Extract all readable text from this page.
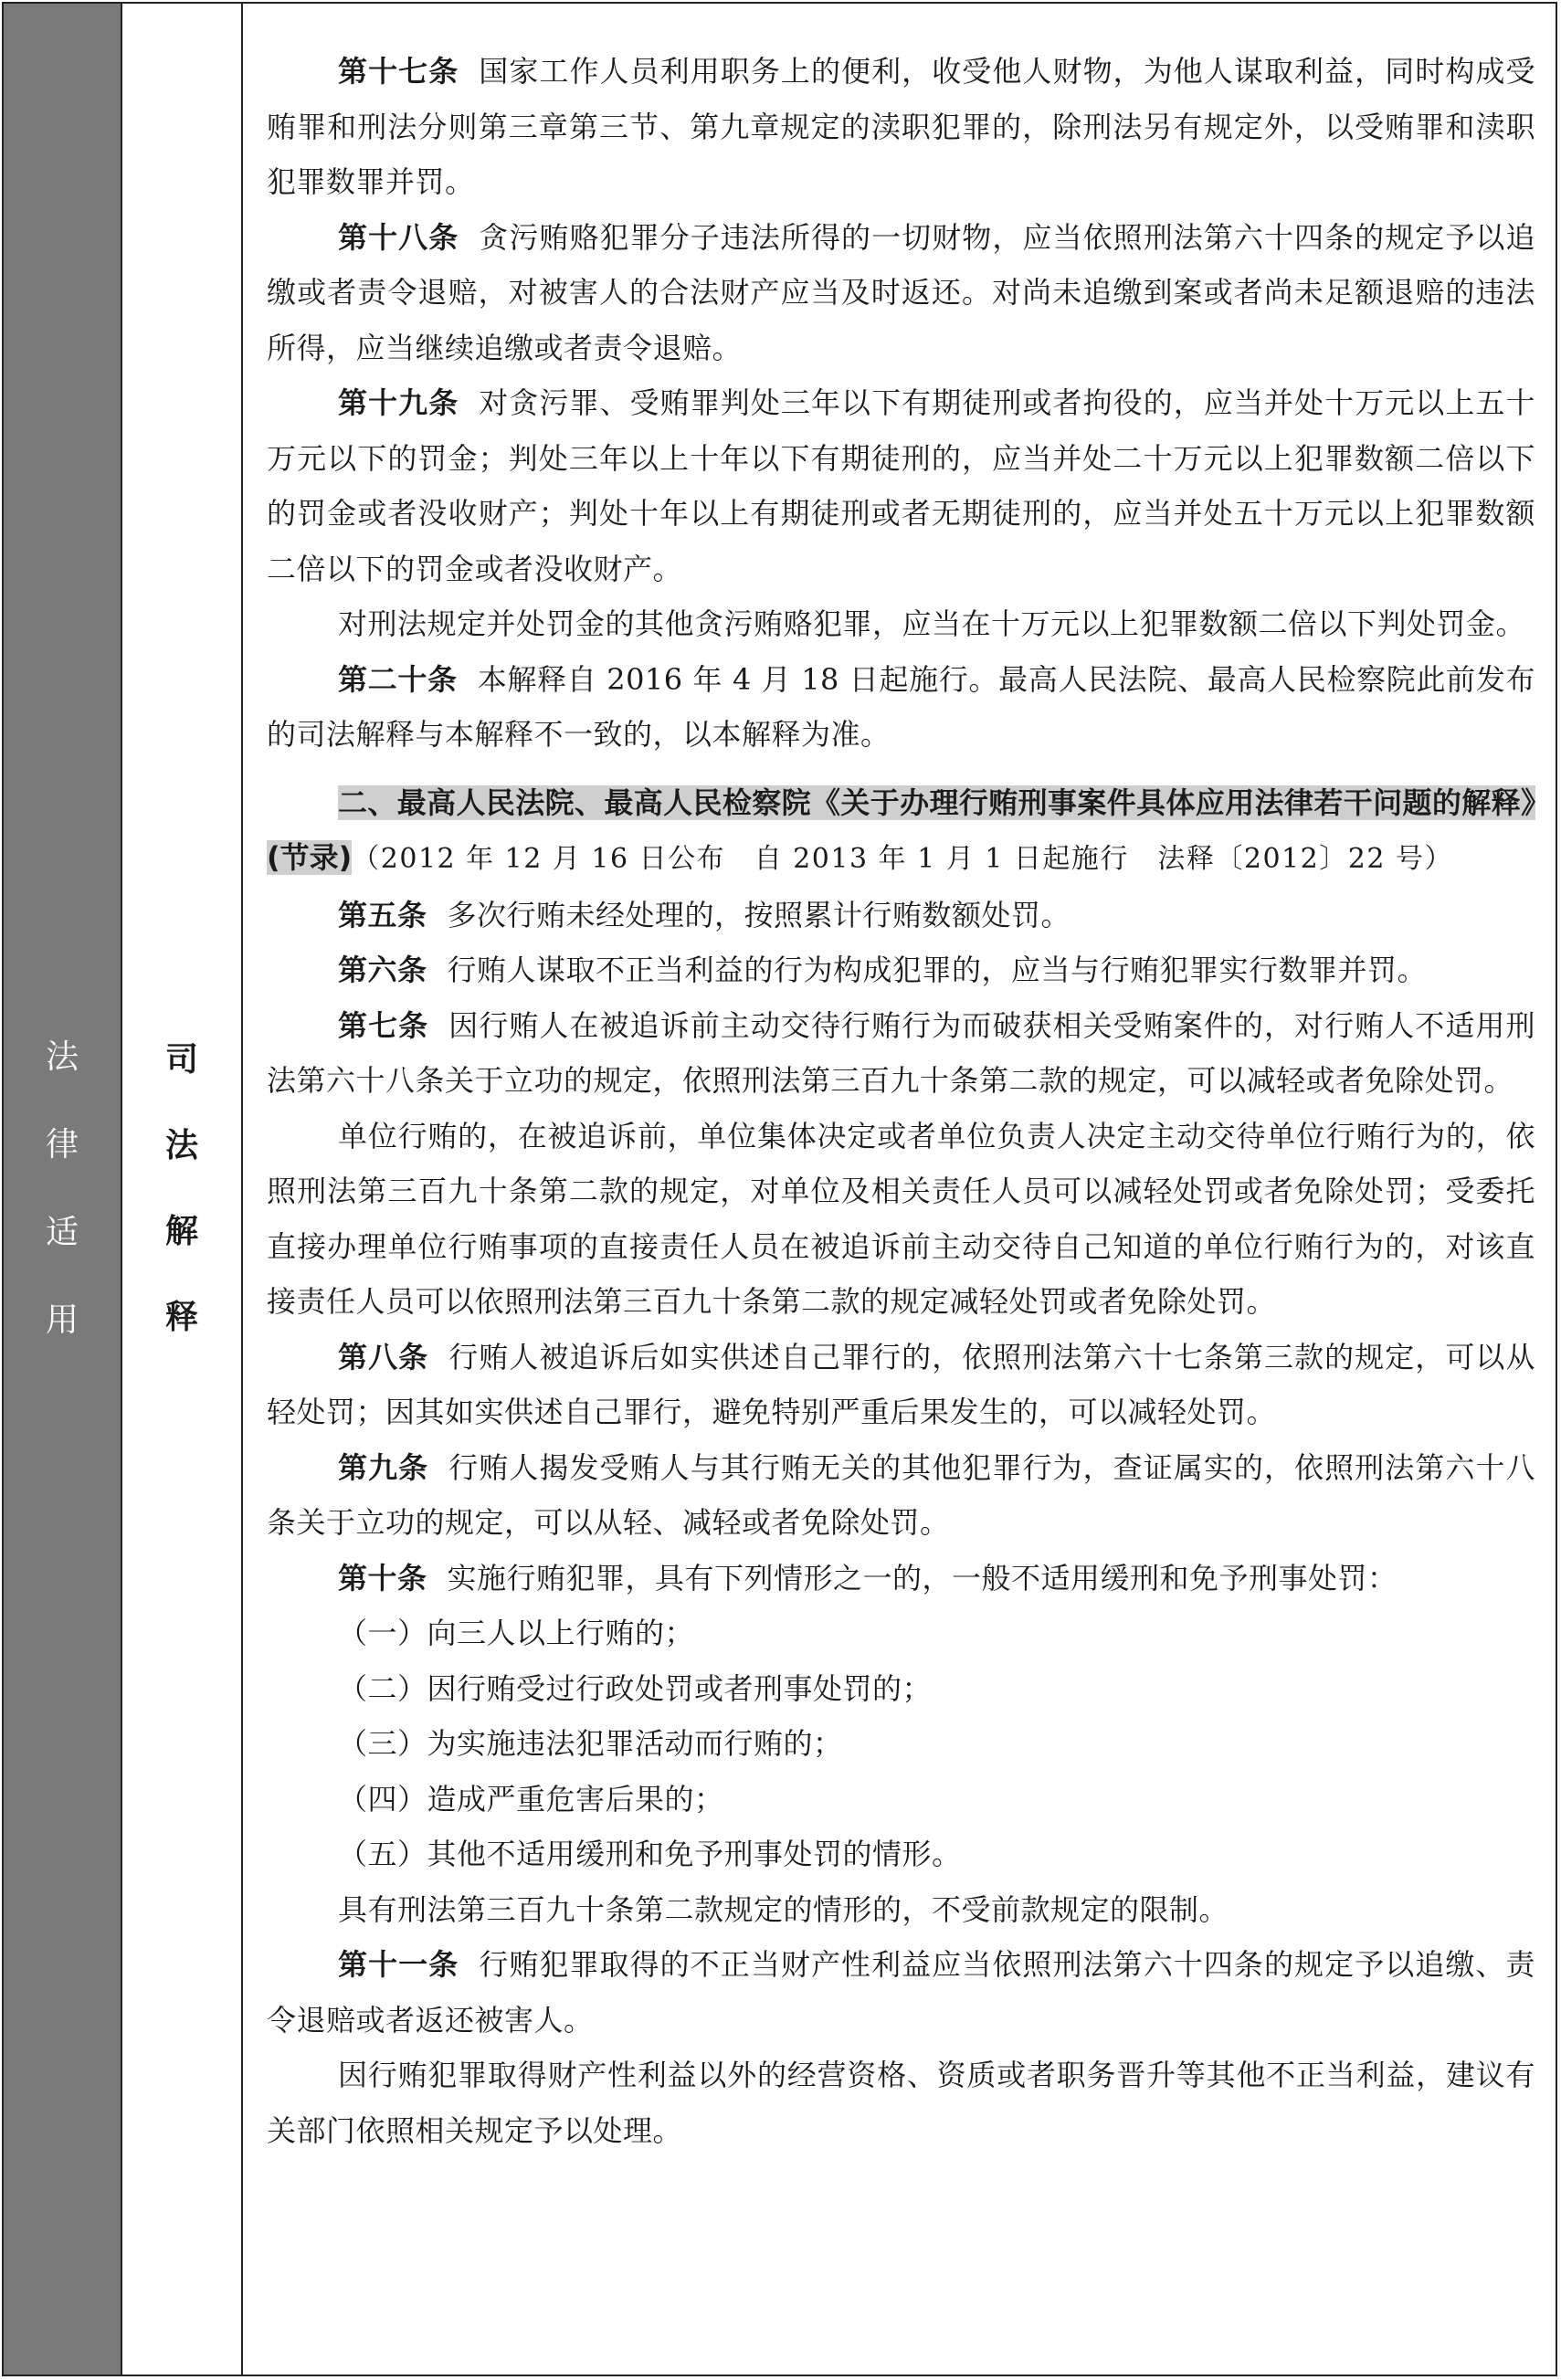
法
律
适
用
司
法
解
释

第十七条 国家工作人员利用职务上的便利，收受他人财物，为他人谋取利益，同时构成受贿罪和刑法分则第三章第三节、第九章规定的渎职犯罪的，除刑法另有规定外，以受贿罪和渎职犯罪数罪并罚。

第十八条 贪污贿赂犯罪分子违法所得的一切财物，应当依照刑法第六十四条的规定予以追缴或者责令退赔，对被害人的合法财产应当及时返还。对尚未追缴到案或者尚未足额退赔的违法所得，应当继续追缴或者责令退赔。

第十九条 对贪污罪、受贿罪判处三年以下有期徒刑或者拘役的，应当并处十万元以上五十万元以下的罚金；判处三年以上十年以下有期徒刑的，应当并处二十万元以上犯罪数额二倍以下的罚金或者没收财产；判处十年以上有期徒刑或者无期徒刑的，应当并处五十万元以上犯罪数额二倍以下的罚金或者没收财产。

对刑法规定并处罚金的其他贪污贿赂犯罪，应当在十万元以上犯罪数额二倍以下判处罚金。

第二十条 本解释自 2016 年 4 月 18 日起施行。最高人民法院、最高人民检察院此前发布的司法解释与本解释不一致的，以本解释为准。

二、最高人民法院、最高人民检察院《关于办理行贿刑事案件具体应用法律若干问题的解释》(节录)（2012 年 12 月 16 日公布　自 2013 年 1 月 1 日起施行　法释〔2012〕22 号）

第五条 多次行贿未经处理的，按照累计行贿数额处罚。

第六条 行贿人谋取不正当利益的行为构成犯罪的，应当与行贿犯罪实行数罪并罚。

第七条 因行贿人在被追诉前主动交待行贿行为而破获相关受贿案件的，对行贿人不适用刑法第六十八条关于立功的规定，依照刑法第三百九十条第二款的规定，可以减轻或者免除处罚。

单位行贿的，在被追诉前，单位集体决定或者单位负责人决定主动交待单位行贿行为的，依照刑法第三百九十条第二款的规定，对单位及相关责任人员可以减轻处罚或者免除处罚；受委托直接办理单位行贿事项的直接责任人员在被追诉前主动交待自己知道的单位行贿行为的，对该直接责任人员可以依照刑法第三百九十条第二款的规定减轻处罚或者免除处罚。

第八条 行贿人被追诉后如实供述自己罪行的，依照刑法第六十七条第三款的规定，可以从轻处罚；因其如实供述自己罪行，避免特别严重后果发生的，可以减轻处罚。

第九条 行贿人揭发受贿人与其行贿无关的其他犯罪行为，查证属实的，依照刑法第六十八条关于立功的规定，可以从轻、减轻或者免除处罚。

第十条 实施行贿犯罪，具有下列情形之一的，一般不适用缓刑和免予刑事处罚：

（一）向三人以上行贿的；

（二）因行贿受过行政处罚或者刑事处罚的；

（三）为实施违法犯罪活动而行贿的；

（四）造成严重危害后果的；

（五）其他不适用缓刑和免予刑事处罚的情形。

具有刑法第三百九十条第二款规定的情形的，不受前款规定的限制。

第十一条 行贿犯罪取得的不正当财产性利益应当依照刑法第六十四条的规定予以追缴、责令退赔或者返还被害人。

因行贿犯罪取得财产性利益以外的经营资格、资质或者职务晋升等其他不正当利益，建议有关部门依照相关规定予以处理。
